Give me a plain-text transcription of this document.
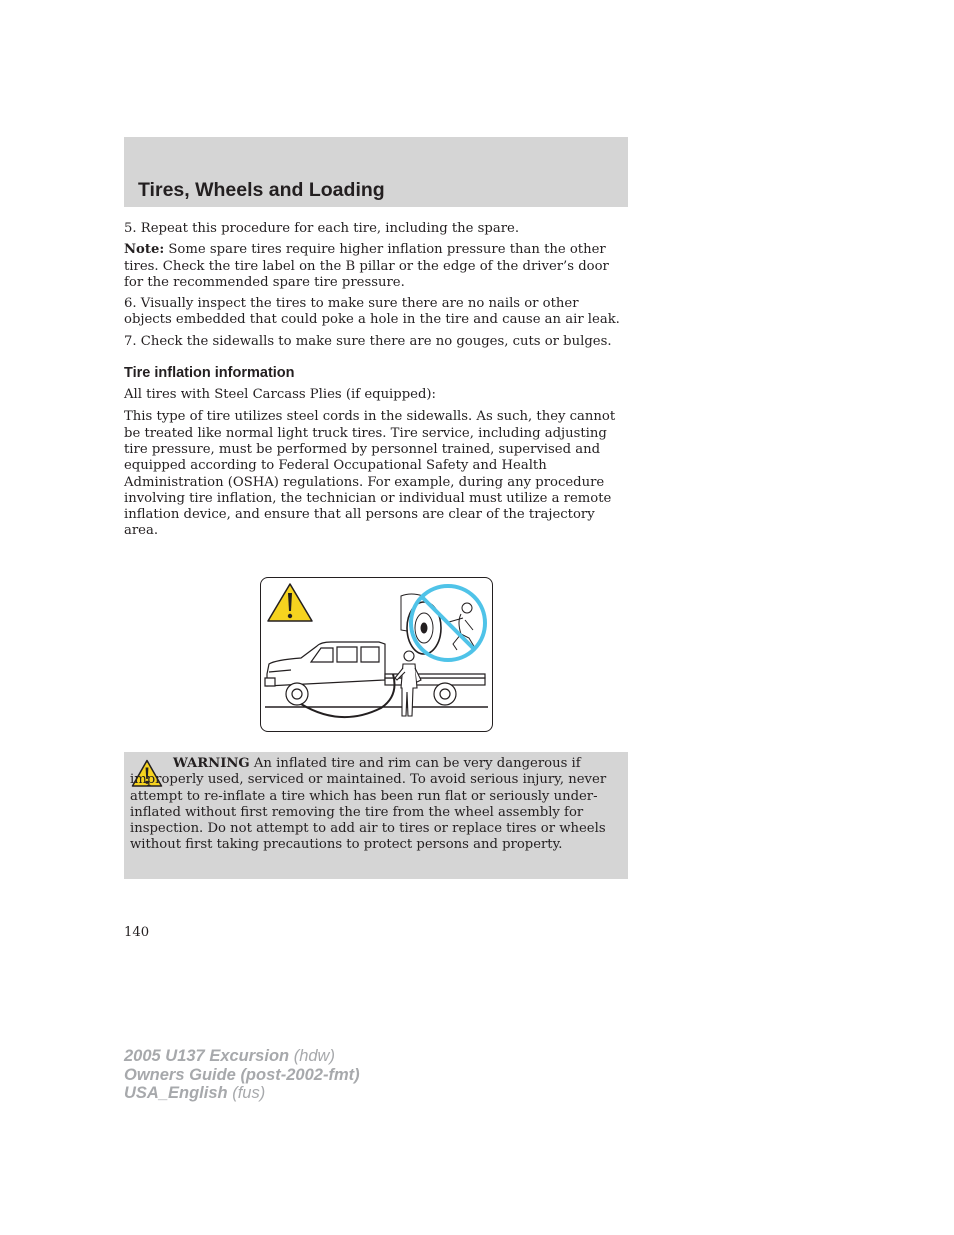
Tires, Wheels and Loading

5. Repeat this procedure for each tire, including the spare.

Note: Some spare tires require higher inflation pressure than the other tires. Check the tire label on the B pillar or the edge of the driver’s door for the recommended spare tire pressure.

6. Visually inspect the tires to make sure there are no nails or other objects embedded that could poke a hole in the tire and cause an air leak.

7. Check the sidewalls to make sure there are no gouges, cuts or bulges.

Tire inflation information

All tires with Steel Carcass Plies (if equipped):

This type of tire utilizes steel cords in the sidewalls. As such, they cannot be treated like normal light truck tires. Tire service, including adjusting tire pressure, must be performed by personnel trained, supervised and equipped according to Federal Occupational Safety and Health Administration (OSHA) regulations. For example, during any procedure involving tire inflation, the technician or individual must utilize a remote inflation device, and ensure that all persons are clear of the trajectory area.

WARNING An inflated tire and rim can be very dangerous if improperly used, serviced or maintained. To avoid serious injury, never attempt to re-inflate a tire which has been run flat or seriously under-inflated without first removing the tire from the wheel assembly for inspection. Do not attempt to add air to tires or replace tires or wheels without first taking precautions to protect persons and property.
140
2005 U137 Excursion (hdw)
Owners Guide (post-2002-fmt)
USA_English (fus)
